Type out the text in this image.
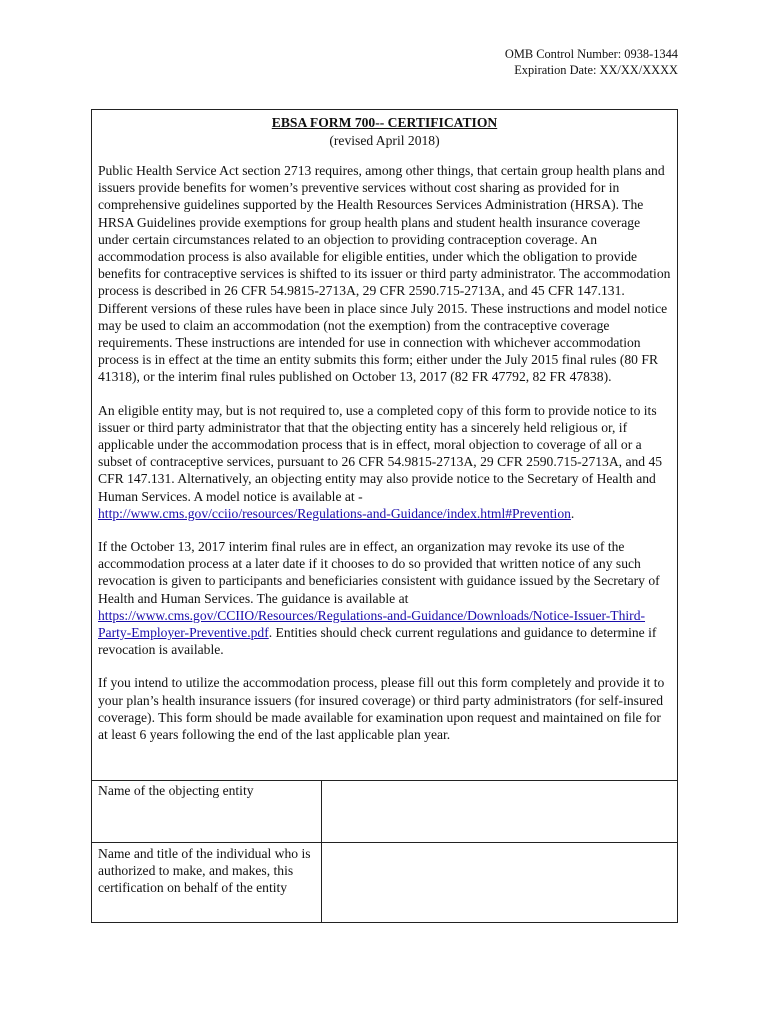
OMB Control Number: 0938-1344
Expiration Date: XX/XX/XXXX
EBSA FORM 700-- CERTIFICATION
(revised April 2018)

Public Health Service Act section 2713 requires, among other things, that certain group health plans and issuers provide benefits for women’s preventive services without cost sharing as provided for in comprehensive guidelines supported by the Health Resources Services Administration (HRSA). The HRSA Guidelines provide exemptions for group health plans and student health insurance coverage under certain circumstances related to an objection to providing contraception coverage. An accommodation process is also available for eligible entities, under which the obligation to provide benefits for contraceptive services is shifted to its issuer or third party administrator. The accommodation process is described in 26 CFR 54.9815-2713A, 29 CFR 2590.715-2713A, and 45 CFR 147.131. Different versions of these rules have been in place since July 2015. These instructions and model notice may be used to claim an accommodation (not the exemption) from the contraceptive coverage requirements. These instructions are intended for use in connection with whichever accommodation process is in effect at the time an entity submits this form; either under the July 2015 final rules (80 FR 41318), or the interim final rules published on October 13, 2017 (82 FR 47792, 82 FR 47838).

An eligible entity may, but is not required to, use a completed copy of this form to provide notice to its issuer or third party administrator that that the objecting entity has a sincerely held religious or, if applicable under the accommodation process that is in effect, moral objection to coverage of all or a subset of contraceptive services, pursuant to 26 CFR 54.9815-2713A, 29 CFR 2590.715-2713A, and 45 CFR 147.131. Alternatively, an objecting entity may also provide notice to the Secretary of Health and Human Services. A model notice is available at -
http://www.cms.gov/cciio/resources/Regulations-and-Guidance/index.html#Prevention.

If the October 13, 2017 interim final rules are in effect, an organization may revoke its use of the accommodation process at a later date if it chooses to do so provided that written notice of any such revocation is given to participants and beneficiaries consistent with guidance issued by the Secretary of Health and Human Services. The guidance is available at
https://www.cms.gov/CCIIO/Resources/Regulations-and-Guidance/Downloads/Notice-Issuer-Third-Party-Employer-Preventive.pdf. Entities should check current regulations and guidance to determine if revocation is available.

If you intend to utilize the accommodation process, please fill out this form completely and provide it to your plan’s health insurance issuers (for insured coverage) or third party administrators (for self-insured coverage). This form should be made available for examination upon request and maintained on file for at least 6 years following the end of the last applicable plan year.

Name of the objecting entity
Name and title of the individual who is authorized to make, and makes, this certification on behalf of the entity
